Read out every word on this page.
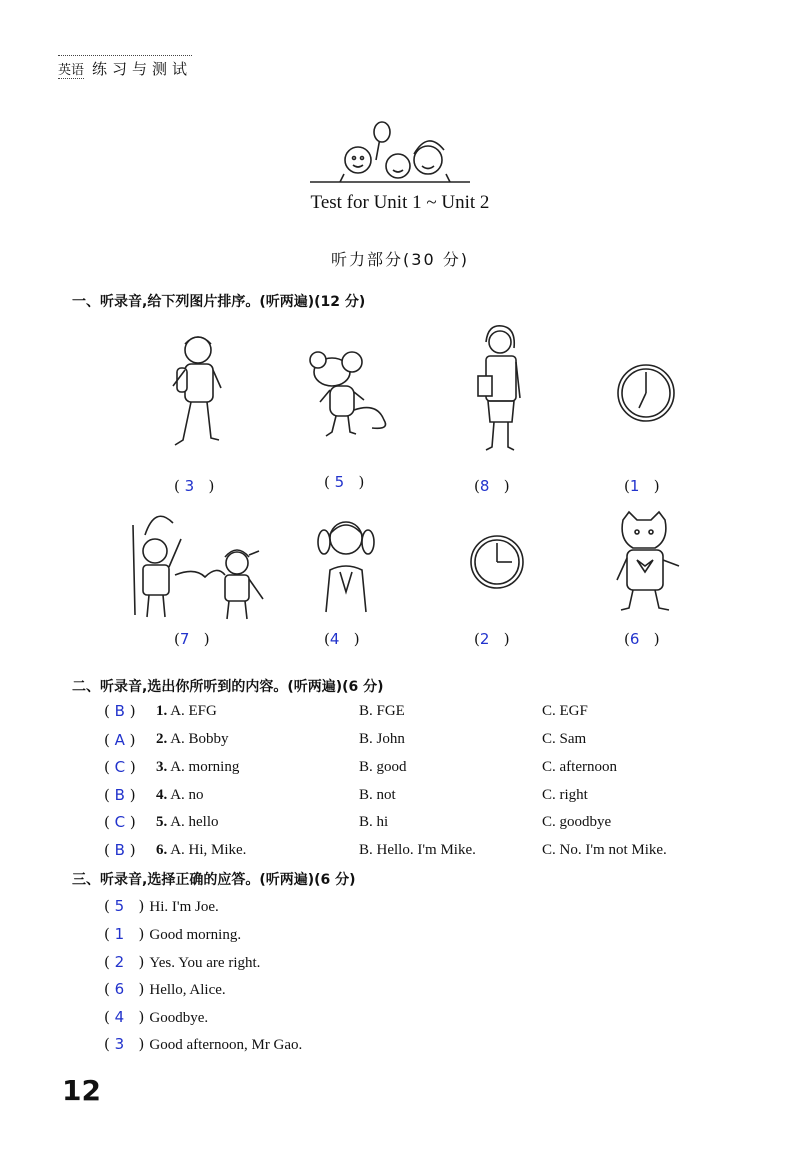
英语 练习与测试
Test for Unit 1 ~ Unit 2
听力部分(30 分)
一、听录音,给下列图片排序。(听两遍)(12 分)
( 3   )	( 5   )	(8   )	(1   )
(7   )	(4   )	(2   )	(6   )
二、听录音,选出你所听到的内容。(听两遍)(6 分)
( B ) 1. A. EFG	B. FGE	C. EGF
( A ) 2. A. Bobby	B. John	C. Sam
( C ) 3. A. morning	B. good	C. afternoon
( B ) 4. A. no	B. not	C. right
( C ) 5. A. hello	B. hi	C. goodbye
( B ) 6. A. Hi, Mike.	B. Hello. I'm Mike.	C. No. I'm not Mike.
三、听录音,选择正确的应答。(听两遍)(6 分)
( 5   ) Hi. I'm Joe.
( 1   ) Good morning.
( 2   ) Yes. You are right.
( 6   ) Hello, Alice.
( 4   ) Goodbye.
( 3   ) Good afternoon, Mr Gao.
12
